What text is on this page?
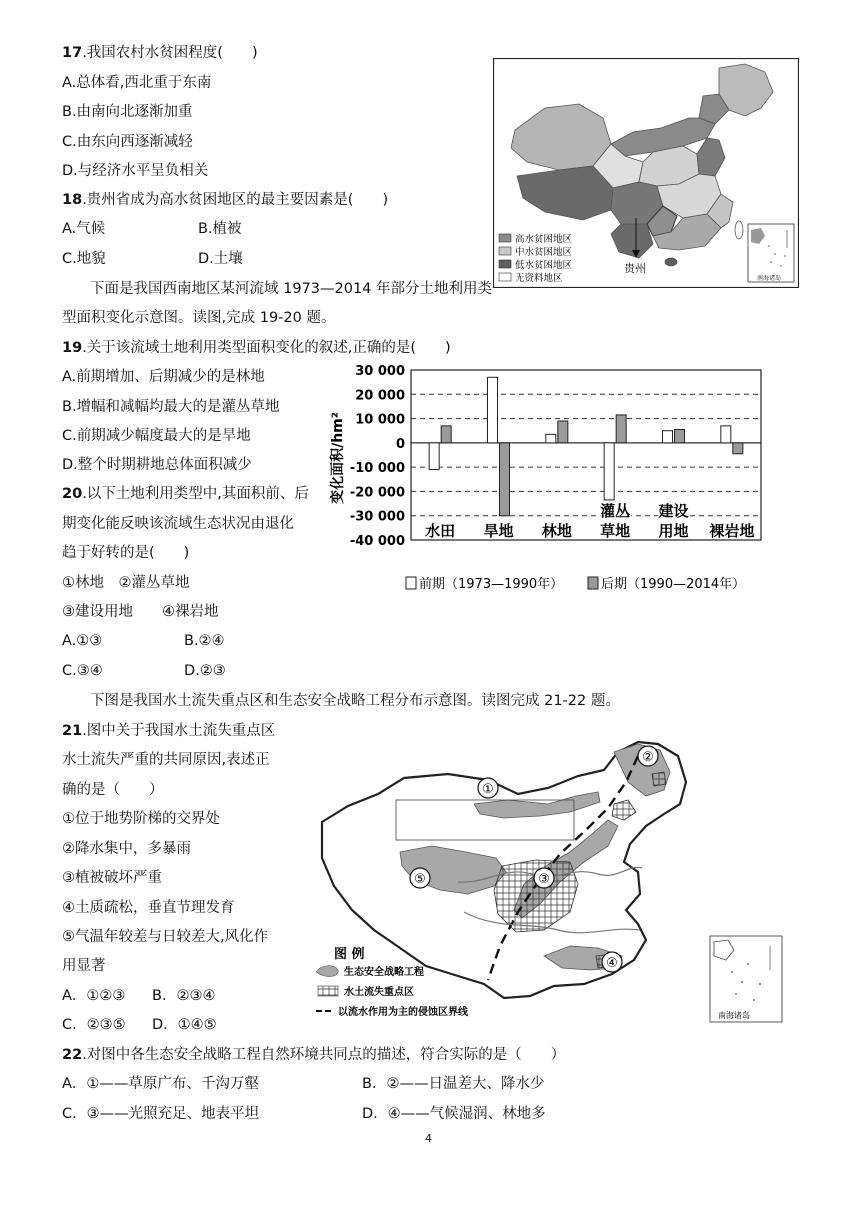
17.我国农村水贫困程度(　　)
A.总体看,西北重于东南
B.由南向北逐渐加重
C.由东向西逐渐减轻
D.与经济水平呈负相关
18.贵州省成为高水贫困地区的最主要因素是(　　)
A.气候	B.植被
C.地貌	D.土壤
贵州
南海诸岛
高水贫困地区
中水贫困地区
低水贫困地区
无资料地区
下面是我国西南地区某河流域 1973—2014 年部分土地利用类
型面积变化示意图。读图,完成 19-20 题。
19.关于该流域土地利用类型面积变化的叙述,正确的是(　　)
A.前期增加、后期减少的是林地
B.增幅和减幅均最大的是灌丛草地
C.前期减少幅度最大的是旱地
D.整个时期耕地总体面积减少
20.以下土地利用类型中,其面积前、后
期变化能反映该流域生态状况由退化
趋于好转的是(　　)
①林地　②灌丛草地
③建设用地　　④裸岩地
A.①③	B.②④
C.③④	D.②③
30 000
20 000
10 000
0
-10 000
-20 000
-30 000
-40 000
水田 旱地 林地
灌丛
草地
建设
用地 裸岩地
变化面积/hm²
前期（1973—1990年）	后期（1990—2014年）
下图是我国水土流失重点区和生态安全战略工程分布示意图。读图完成 21-22 题。
21.图中关于我国水土流失重点区
水土流失严重的共同原因,表述正
确的是（　　）
①位于地势阶梯的交界处
②降水集中，多暴雨
③植被破坏严重
④土质疏松，垂直节理发育
⑤气温年较差与日较差大,风化作
用显著
A．①②③ B．②③④
C．②③⑤ D．①④⑤
①
②
③
④
⑤
图 例
生态安全战略工程
水土流失重点区
以流水作用为主的侵蚀区界线	南海诸岛
22.对图中各生态安全战略工程自然环境共同点的描述，符合实际的是（　　）
A．①——草原广布、千沟万壑	B．②——日温差大、降水少
C．③——光照充足、地表平坦	D．④——气候湿润、林地多
4
